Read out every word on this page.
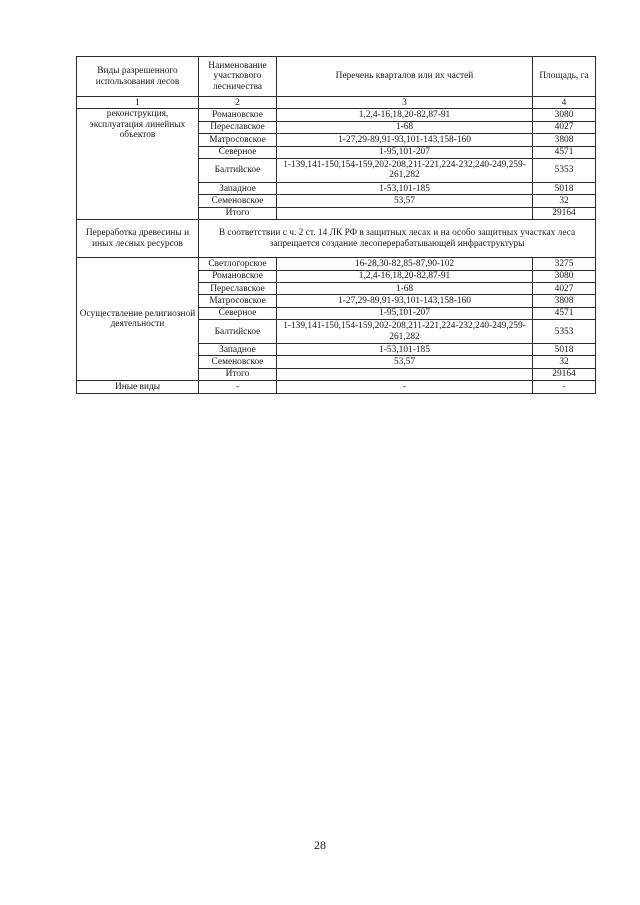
Виды разрешенного использования лесов	Наименование участкового лесничества	Перечень кварталов или их частей	Площадь, га
1	2	3	4
реконструкция, эксплуатация линейных объектов	Романовское	1,2,4-16,18,20-82,87-91	3080
	Переславское	1-68	4027
	Матросовское	1-27,29-89,91-93,101-143,158-160	3808
	Северное	1-95,101-207	4571
	Балтийское	1-139,141-150,154-159,202-208,211-221,224-232,240-249,259-261,282	5353
	Западное	1-53,101-185	5018
	Семеновское	53,57	32
	Итого		29164
Переработка древесины и иных лесных ресурсов	В соответствии с ч. 2 ст. 14 ЛК РФ в защитных лесах и на особо защитных участках леса запрещается создание лесоперерабатывающей инфраструктуры		
Осуществление религиозной деятельности	Светлогорское	16-28,30-82,85-87,90-102	3275
	Романовское	1,2,4-16,18,20-82,87-91	3080
	Переславское	1-68	4027
	Матросовское	1-27,29-89,91-93,101-143,158-160	3808
	Северное	1-95,101-207	4571
	Балтийское	1-139,141-150,154-159,202-208,211-221,224-232,240-249,259-261,282	5353
	Западное	1-53,101-185	5018
	Семеновское	53,57	32
	Итого		29164
Иные виды	-	-	-
28
